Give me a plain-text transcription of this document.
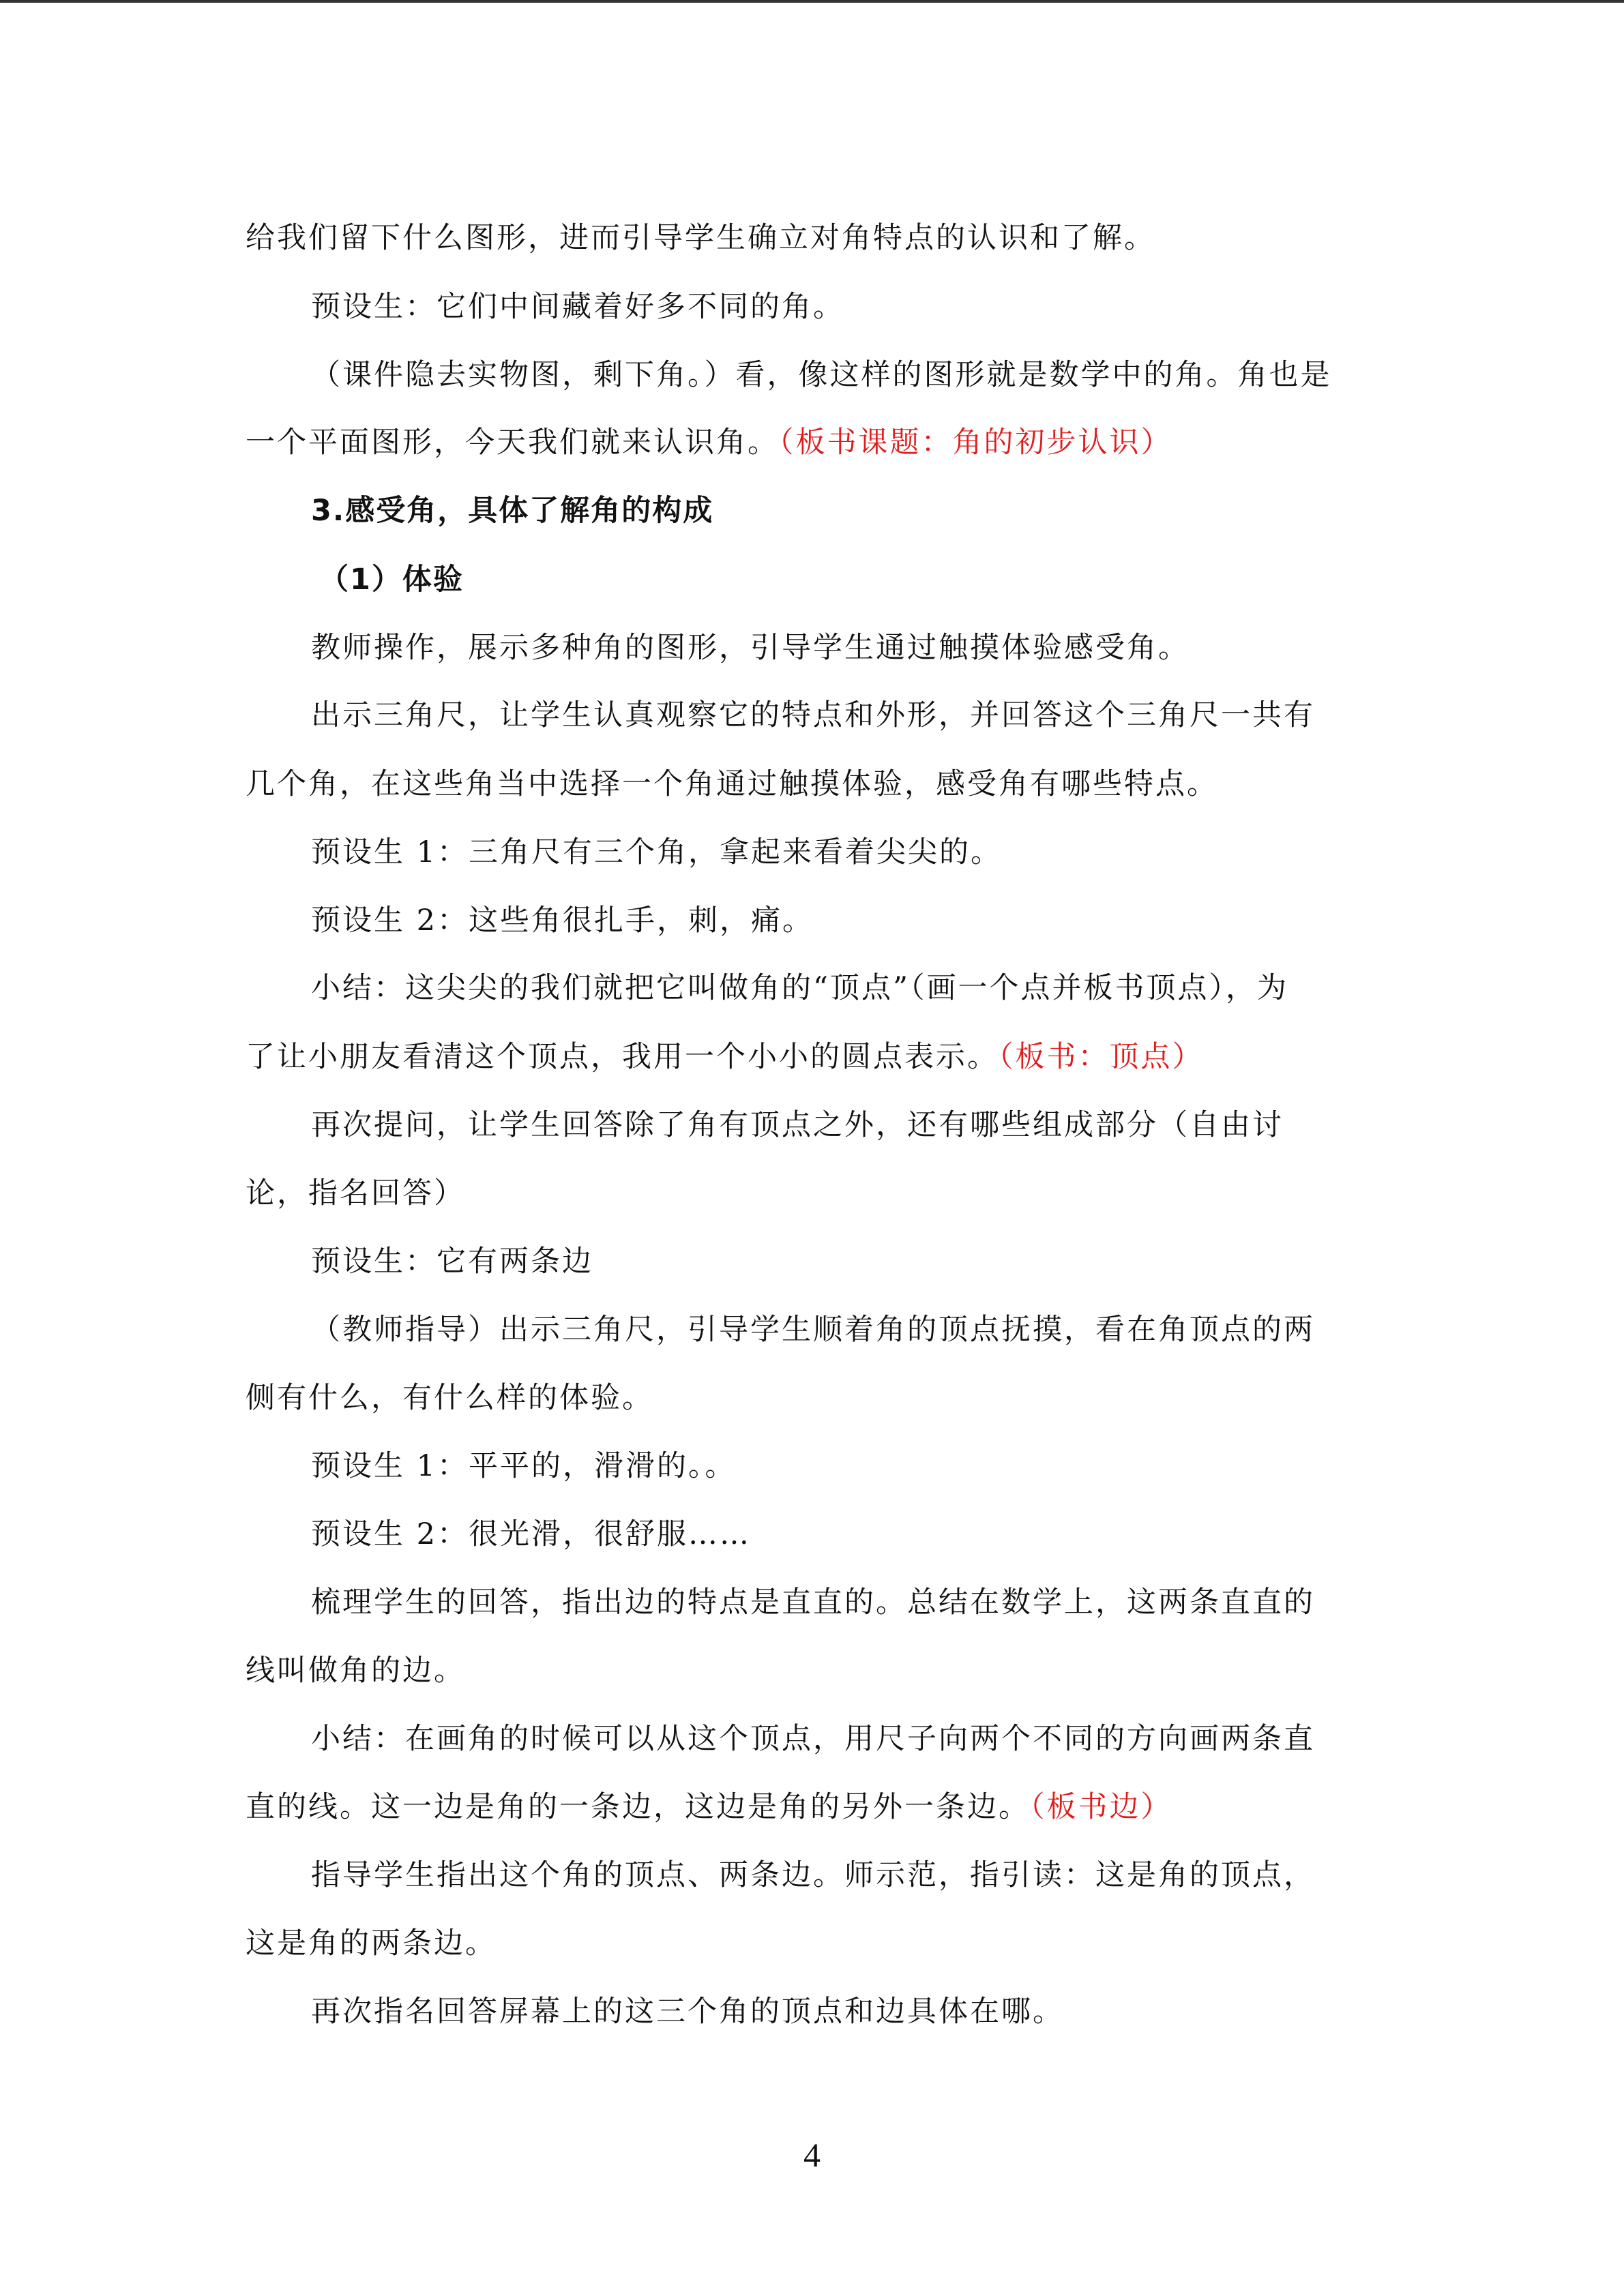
给我们留下什么图形，进而引导学生确立对角特点的认识和了解。
预设生：它们中间藏着好多不同的角。
（课件隐去实物图，剩下角。）看，像这样的图形就是数学中的角。角也是
一个平面图形，今天我们就来认识角。（板书课题：角的初步认识）
3.感受角，具体了解角的构成
（1）体验
教师操作，展示多种角的图形，引导学生通过触摸体验感受角。
出示三角尺，让学生认真观察它的特点和外形，并回答这个三角尺一共有
几个角，在这些角当中选择一个角通过触摸体验，感受角有哪些特点。
预设生 1：三角尺有三个角，拿起来看着尖尖的。
预设生 2：这些角很扎手，刺，痛。
小结：这尖尖的我们就把它叫做角的“顶点”（画一个点并板书顶点），为
了让小朋友看清这个顶点，我用一个小小的圆点表示。（板书：顶点）
再次提问，让学生回答除了角有顶点之外，还有哪些组成部分（自由讨
论，指名回答）
预设生：它有两条边
（教师指导）出示三角尺，引导学生顺着角的顶点抚摸，看在角顶点的两
侧有什么，有什么样的体验。
预设生 1：平平的，滑滑的。。
预设生 2：很光滑，很舒服……
梳理学生的回答，指出边的特点是直直的。总结在数学上，这两条直直的
线叫做角的边。
小结：在画角的时候可以从这个顶点，用尺子向两个不同的方向画两条直
直的线。这一边是角的一条边，这边是角的另外一条边。（板书边）
指导学生指出这个角的顶点、两条边。师示范，指引读：这是角的顶点，
这是角的两条边。
再次指名回答屏幕上的这三个角的顶点和边具体在哪。
4
